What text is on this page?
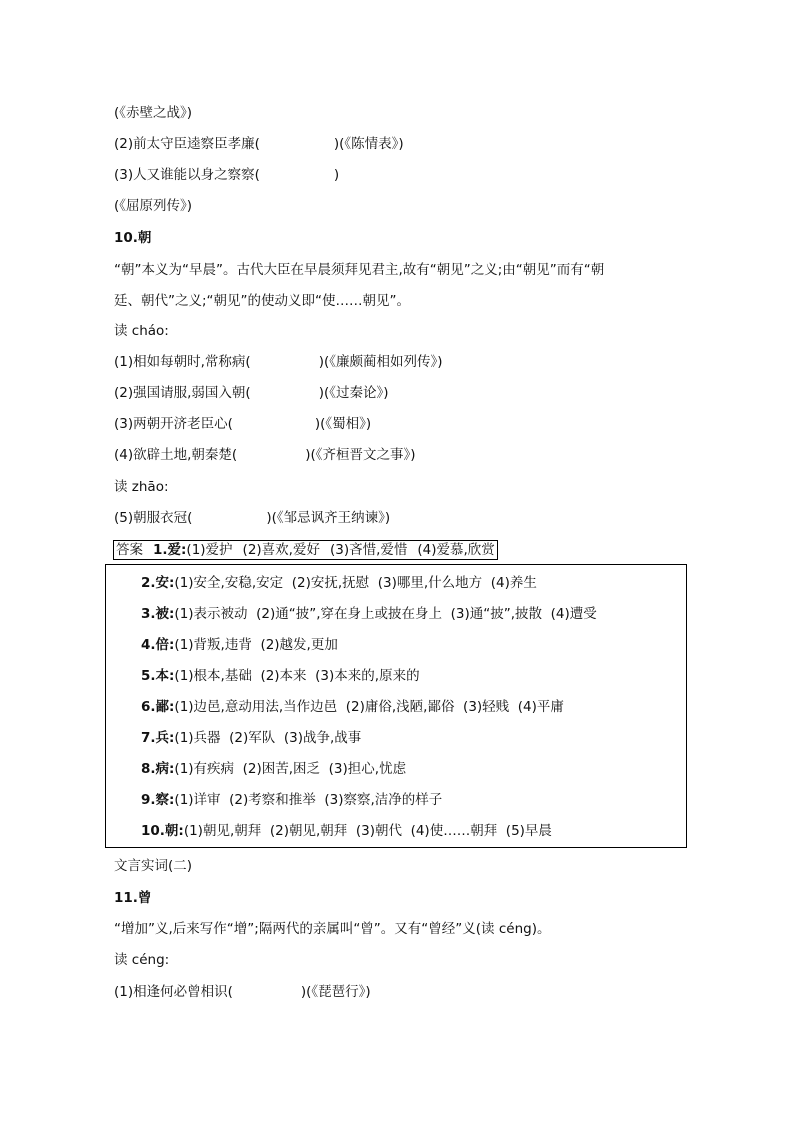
(《赤壁之战》)
(2)前太守臣逵察臣孝廉(	)(《陈情表》)
(3)人又谁能以身之察察(	)
(《屈原列传》)
10.朝
“朝”本义为“早晨”。古代大臣在早晨须拜见君主,故有“朝见”之义;由“朝见”而有“朝
廷、朝代”之义;“朝见”的使动义即“使……朝见”。
读 cháo:
(1)相如每朝时,常称病(	)(《廉颇蔺相如列传》)
(2)强国请服,弱国入朝(	)(《过秦论》)
(3)两朝开济老臣心(	)(《蜀相》)
(4)欲辟土地,朝秦楚(	)(《齐桓晋文之事》)
读 zhāo:
(5)朝服衣冠(	)(《邹忌讽齐王纳谏》)
答案 1.爱:(1)爱护 (2)喜欢,爱好 (3)吝惜,爱惜 (4)爱慕,欣赏
2.安:(1)安全,安稳,安定 (2)安抚,抚慰 (3)哪里,什么地方 (4)养生
3.被:(1)表示被动 (2)通“披”,穿在身上或披在身上 (3)通“披”,披散 (4)遭受
4.倍:(1)背叛,违背 (2)越发,更加
5.本:(1)根本,基础 (2)本来 (3)本来的,原来的
6.鄙:(1)边邑,意动用法,当作边邑 (2)庸俗,浅陋,鄙俗 (3)轻贱 (4)平庸
7.兵:(1)兵器 (2)军队 (3)战争,战事
8.病:(1)有疾病 (2)困苦,困乏 (3)担心,忧虑
9.察:(1)详审 (2)考察和推举 (3)察察,洁净的样子
10.朝:(1)朝见,朝拜 (2)朝见,朝拜 (3)朝代 (4)使……朝拜 (5)早晨
文言实词(二)
11.曾
“增加”义,后来写作“增”;隔两代的亲属叫“曾”。又有“曾经”义(读 céng)。
读 céng:
(1)相逢何必曾相识(	)(《琵琶行》)
